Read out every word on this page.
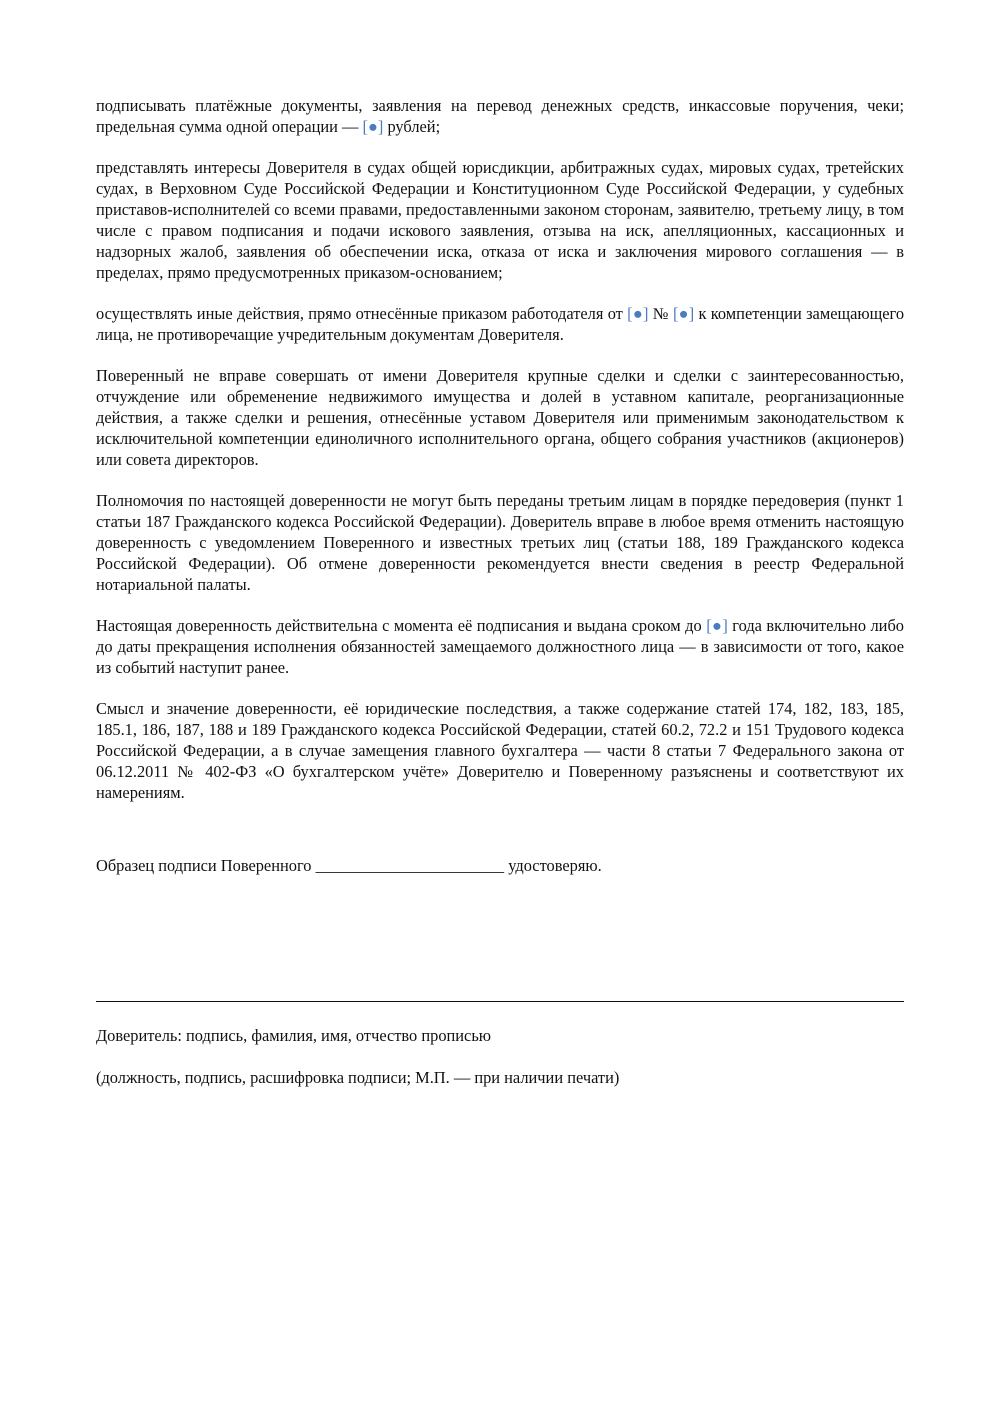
подписывать платёжные документы, заявления на перевод денежных средств, инкассовые поручения, чеки; предельная сумма одной операции — [●] рублей;

представлять интересы Доверителя в судах общей юрисдикции, арбитражных судах, мировых судах, третейских судах, в Верховном Суде Российской Федерации и Конституционном Суде Российской Федерации, у судебных приставов-исполнителей со всеми правами, предоставленными законом сторонам, заявителю, третьему лицу, в том числе с правом подписания и подачи искового заявления, отзыва на иск, апелляционных, кассационных и надзорных жалоб, заявления об обеспечении иска, отказа от иска и заключения мирового соглашения — в пределах, прямо предусмотренных приказом-основанием;

осуществлять иные действия, прямо отнесённые приказом работодателя от [●] № [●] к компетенции замещающего лица, не противоречащие учредительным документам Доверителя.

Поверенный не вправе совершать от имени Доверителя крупные сделки и сделки с заинтересованностью, отчуждение или обременение недвижимого имущества и долей в уставном капитале, реорганизационные действия, а также сделки и решения, отнесённые уставом Доверителя или применимым законодательством к исключительной компетенции единоличного исполнительного органа, общего собрания участников (акционеров) или совета директоров.

Полномочия по настоящей доверенности не могут быть переданы третьим лицам в порядке передоверия (пункт 1 статьи 187 Гражданского кодекса Российской Федерации). Доверитель вправе в любое время отменить настоящую доверенность с уведомлением Поверенного и известных третьих лиц (статьи 188, 189 Гражданского кодекса Российской Федерации). Об отмене доверенности рекомендуется внести сведения в реестр Федеральной нотариальной палаты.

Настоящая доверенность действительна с момента её подписания и выдана сроком до [●] года включительно либо до даты прекращения исполнения обязанностей замещаемого должностного лица — в зависимости от того, какое из событий наступит ранее.

Смысл и значение доверенности, её юридические последствия, а также содержание статей 174, 182, 183, 185, 185.1, 186, 187, 188 и 189 Гражданского кодекса Российской Федерации, статей 60.2, 72.2 и 151 Трудового кодекса Российской Федерации, а в случае замещения главного бухгалтера — части 8 статьи 7 Федерального закона от 06.12.2011 № 402-ФЗ «О бухгалтерском учёте» Доверителю и Поверенному разъяснены и соответствуют их намерениям.

Образец подписи Поверенного _______________________ удостоверяю.
Доверитель: подпись, фамилия, имя, отчество прописью
(должность, подпись, расшифровка подписи; М.П. — при наличии печати)
